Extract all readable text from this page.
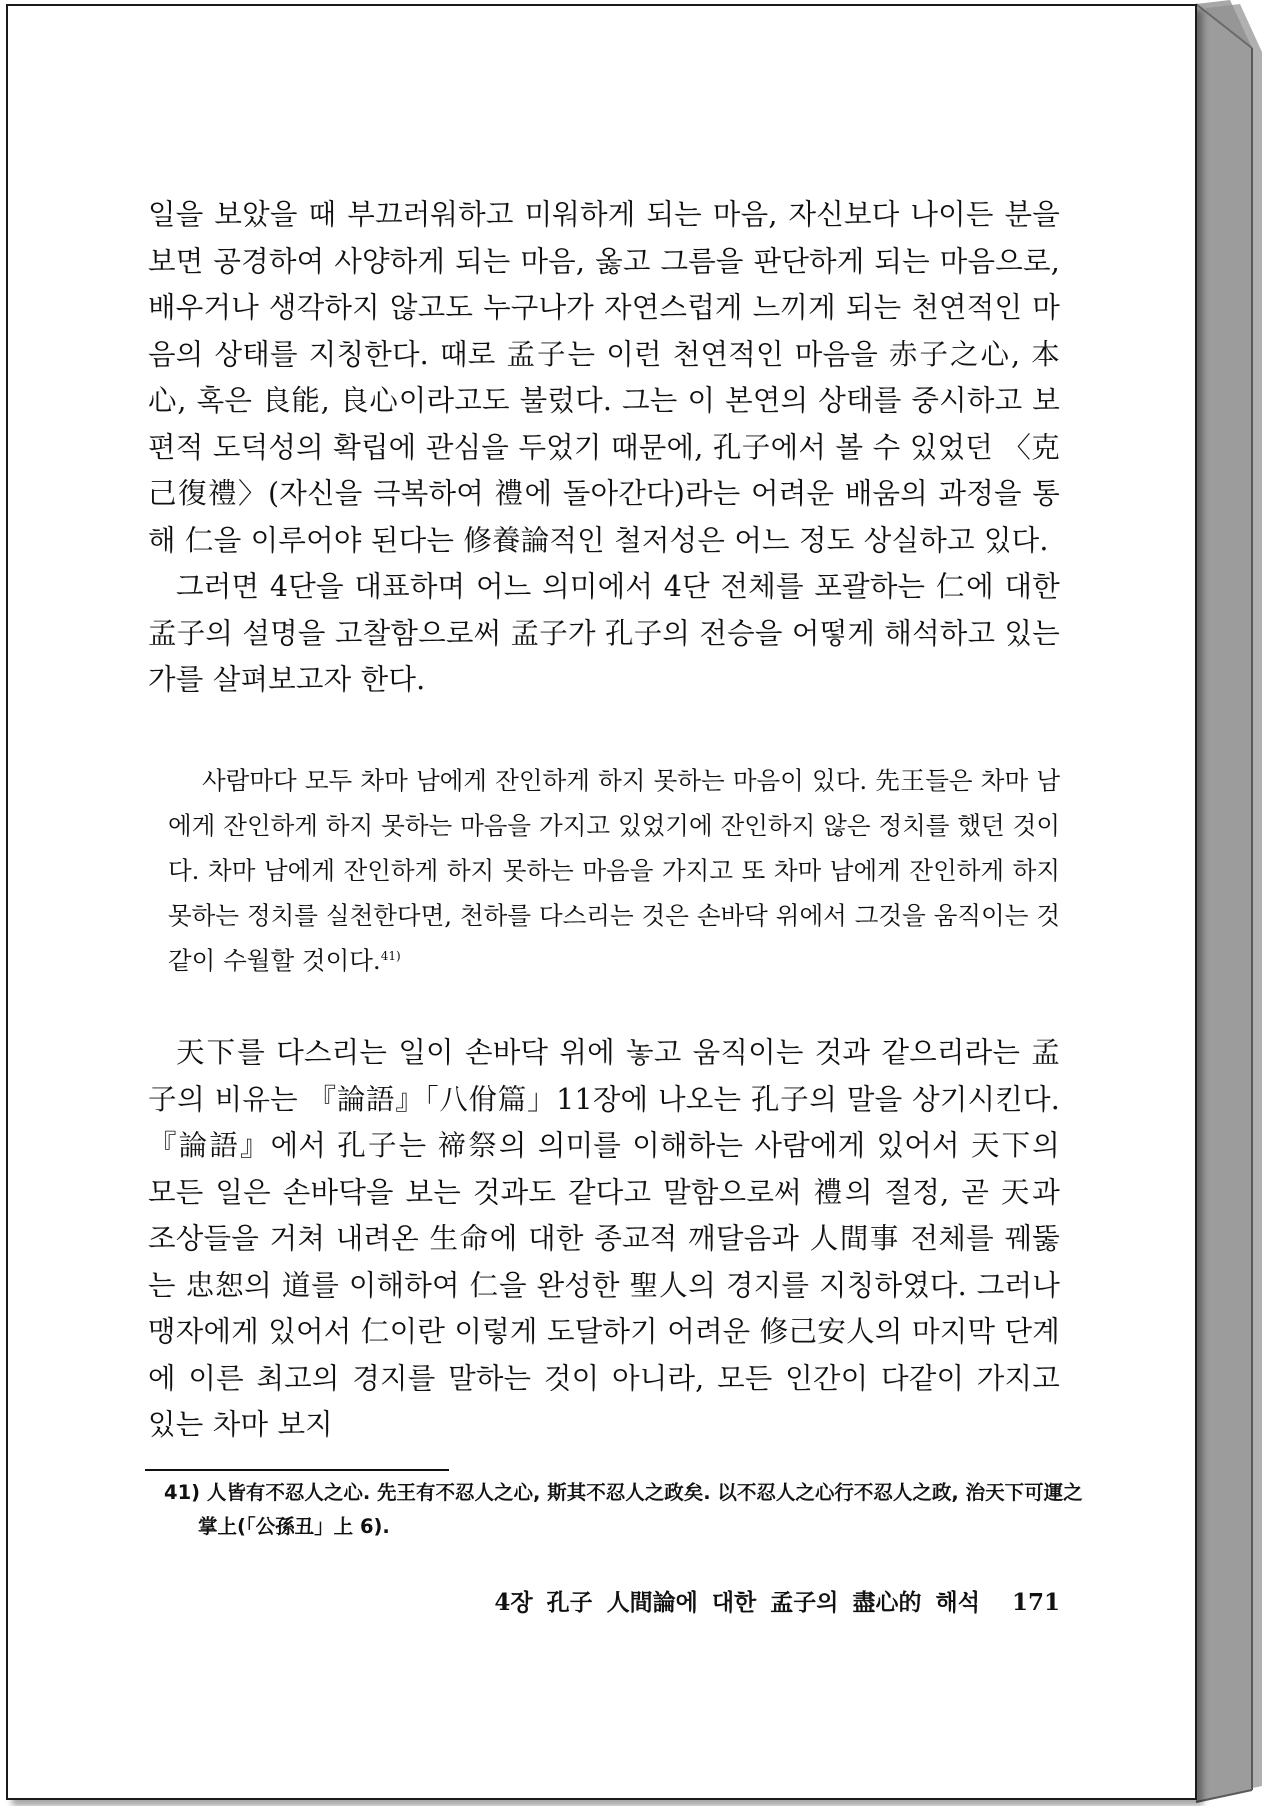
일을 보았을 때 부끄러워하고 미워하게 되는 마음, 자신보다 나이든 분을 보면 공경하여 사양하게 되는 마음, 옳고 그름을 판단하게 되는 마음으로, 배우거나 생각하지 않고도 누구나가 자연스럽게 느끼게 되는 천연적인 마음의 상태를 지칭한다. 때로 孟子는 이런 천연적인 마음을 赤子之心, 本心, 혹은 良能, 良心이라고도 불렀다. 그는 이 본연의 상태를 중시하고 보편적 도덕성의 확립에 관심을 두었기 때문에, 孔子에서 볼 수 있었던 〈克己復禮〉(자신을 극복하여 禮에 돌아간다)라는 어려운 배움의 과정을 통해 仁을 이루어야 된다는 修養論적인 철저성은 어느 정도 상실하고 있다.

그러면 4단을 대표하며 어느 의미에서 4단 전체를 포괄하는 仁에 대한 孟子의 설명을 고찰함으로써 孟子가 孔子의 전승을 어떻게 해석하고 있는가를 살펴보고자 한다.

사람마다 모두 차마 남에게 잔인하게 하지 못하는 마음이 있다. 先王들은 차마 남에게 잔인하게 하지 못하는 마음을 가지고 있었기에 잔인하지 않은 정치를 했던 것이다. 차마 남에게 잔인하게 하지 못하는 마음을 가지고 또 차마 남에게 잔인하게 하지 못하는 정치를 실천한다면, 천하를 다스리는 것은 손바닥 위에서 그것을 움직이는 것같이 수월할 것이다.$^{41)}$

天下를 다스리는 일이 손바닥 위에 놓고 움직이는 것과 같으리라는 孟子의 비유는 『論語』「八佾篇」11장에 나오는 孔子의 말을 상기시킨다. 『論語』에서 孔子는 禘祭의 의미를 이해하는 사람에게 있어서 天下의 모든 일은 손바닥을 보는 것과도 같다고 말함으로써 禮의 절정, 곧 天과 조상들을 거쳐 내려온 生命에 대한 종교적 깨달음과 人間事 전체를 꿰뚫는 忠恕의 道를 이해하여 仁을 완성한 聖人의 경지를 지칭하였다. 그러나 맹자에게 있어서 仁이란 이렇게 도달하기 어려운 修己安人의 마지막 단계에 이른 최고의 경지를 말하는 것이 아니라, 모든 인간이 다같이 가지고 있는 차마 보지

41) 人皆有不忍人之心. 先王有不忍人之心, 斯其不忍人之政矣. 以不忍人之心行不忍人之政, 治天下可運之掌上(「公孫丑」上 6).

4장 孔子 人間論에 대한 孟子의 盡心的 해석 171
